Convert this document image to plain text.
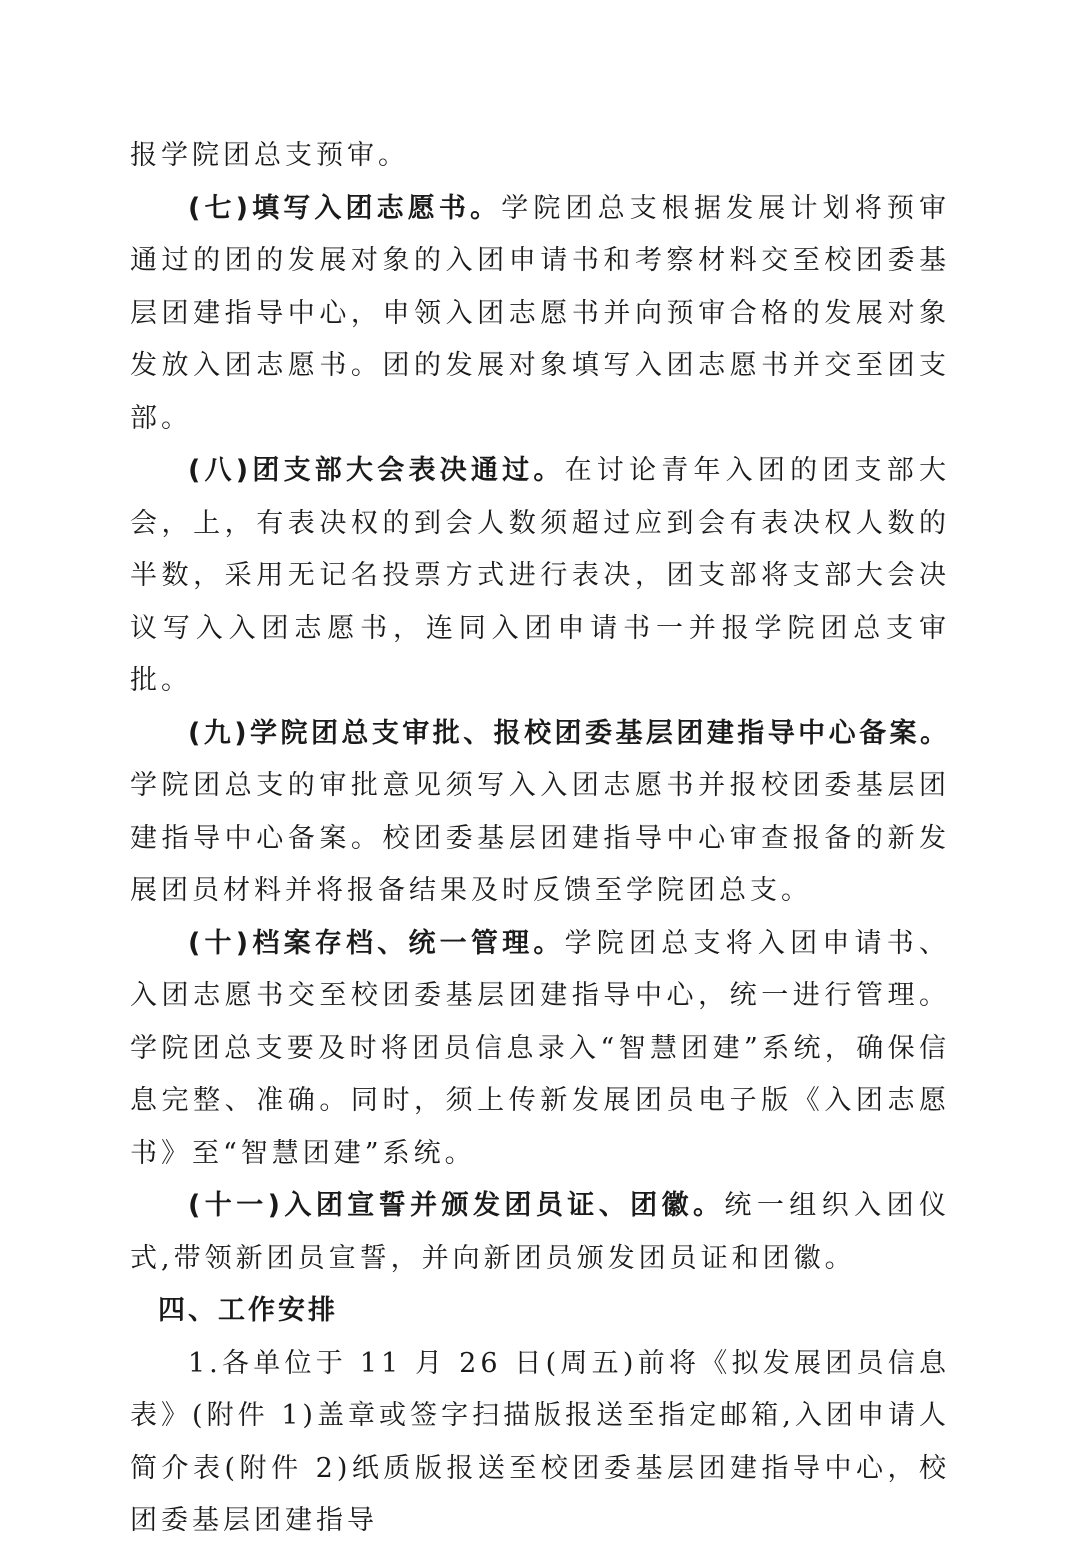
报学院团总支预审。

(七)填写入团志愿书。学院团总支根据发展计划将预审通过的团的发展对象的入团申请书和考察材料交至校团委基层团建指导中心，申领入团志愿书并向预审合格的发展对象发放入团志愿书。团的发展对象填写入团志愿书并交至团支部。

(八)团支部大会表决通过。在讨论青年入团的团支部大会，上，有表决权的到会人数须超过应到会有表决权人数的半数，采用无记名投票方式进行表决，团支部将支部大会决议写入入团志愿书，连同入团申请书一并报学院团总支审批。

(九)学院团总支审批、报校团委基层团建指导中心备案。学院团总支的审批意见须写入入团志愿书并报校团委基层团建指导中心备案。校团委基层团建指导中心审查报备的新发展团员材料并将报备结果及时反馈至学院团总支。

(十)档案存档、统一管理。学院团总支将入团申请书、入团志愿书交至校团委基层团建指导中心，统一进行管理。学院团总支要及时将团员信息录入“智慧团建”系统，确保信息完整、准确。同时，须上传新发展团员电子版《入团志愿书》至“智慧团建”系统。

(十一)入团宣誓并颁发团员证、团徽。统一组织入团仪式,带领新团员宣誓，并向新团员颁发团员证和团徽。

四、工作安排

1.各单位于 11 月 26 日(周五)前将《拟发展团员信息表》(附件 1)盖章或签字扫描版报送至指定邮箱,入团申请人简介表(附件 2)纸质版报送至校团委基层团建指导中心，校团委基层团建指导
